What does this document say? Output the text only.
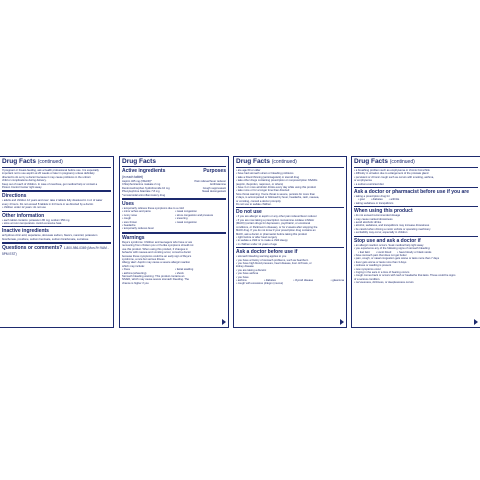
Drug Facts (continued)
If pregnant or breast-feeding, ask a health professional before use. It is especially
important not to use aspirin at 20 weeks or later in pregnancy unless definitely
directed to do so by a doctor because it may cause problems in the unborn
child or complications during delivery.
Keep out of reach of children. In case of overdose, get medical help or contact a
Poison Control Center right away.
Directions
• adults and children 12 years and over: take 2 tablets fully dissolved in 4 oz of water
every 4 hours. Do not exceed 8 tablets in 24 hours or as directed by a doctor.
• children under 12 years: do not use
Other information
• each tablet contains: potassium 80 mg; sodium 356 mg
• store at room temperature. Avoid excessive heat.
Inactive ingredients
anhydrous citric acid, aspartame, docusate sodium, flavors, mannitol, potassium
bicarbonate, povidone, sodium benzoate, sodium bicarbonate, sucralose
Questions or comments? 1-800-986-0369 (Mon-Fri 9AM - 5PM EST)
Drug Facts
Purposes
Active ingredients
(in each tablet)
Aspirin 325 mg (NSAID)*	Pain reliever/fever reducer
Chlorpheniramine maleate 2 mg	Antihistamine
Dextromethorphan hydrobromide 10 mg	Cough suppressant
Phenylephrine bitartrate 7.8 mg	Nasal decongestant
*nonsteroidal anti-inflammatory drug
Uses
• temporarily relieves these symptoms due to a cold:
• minor aches and pains
• runny nose
• cough
• sore throat
• headache
• nasal congestion
• sinus congestion and pressure
• sneezing
• nasal congestion
• temporarily reduces fever
Warnings
Reye's syndrome: Children and teenagers who have or are
recovering from chicken pox or flu-like symptoms should not
use this product. When using this product, if changes in
behavior with nausea and vomiting occur, consult a doctor
because these symptoms could be an early sign of Reye's
syndrome, a rare but serious illness.
Allergy alert: Aspirin may cause a severe allergic reaction
which may include:
• hives
• asthma (wheezing)
• facial swelling
• shock
Stomach bleeding warning: This product contains an
NSAID, which may cause severe stomach bleeding. The
chance is higher if you
Drug Facts (continued)
• are age 60 or older
• have had stomach ulcers or bleeding problems
• take a blood thinning (anticoagulant) or steroid drug
• take other drugs containing prescription or nonprescription NSAIDs
(aspirin, ibuprofen, naproxen, or others)
• have 3 or more alcoholic drinks every day while using this product
• take more or for a longer time than directed
Sore throat warning: If sore throat is severe, persists for more than
2 days, is accompanied or followed by fever, headache, rash, nausea,
or vomiting, consult a doctor promptly.
Do not use to sedate children.
Do not use
• if you are allergic to aspirin or any other pain reliever/fever reducer
• if you are now taking a prescription monoamine oxidase inhibitor
(MAOI) (certain drugs for depression, psychiatric, or emotional
conditions, or Parkinson's disease), or for 2 weeks after stopping the
MAOI drug. If you do not know if your prescription drug contains an
MAOI, ask a doctor or pharmacist before taking this product
• right before or after heart surgery
• to sedate a child or to make a child sleepy
• in children under 12 years of age
Ask a doctor before use if
• stomach bleeding warning applies to you
• you have a history of stomach problems, such as heartburn
• you have high blood pressure, heart disease, liver cirrhosis, or
kidney disease
• you are taking a diuretic
• you have asthma
• you have
• asthma	• diabetes	• thyroid disease	• glaucoma
• cough with excessive phlegm (mucus)
Drug Facts (continued)
• a breathing problem such as emphysema or chronic bronchitis
• difficulty in urination due to enlargement of the prostate gland
• persistent or chronic cough such as occurs with smoking, asthma,
or emphysema
• a sodium-restricted diet
Ask a doctor or pharmacist before use if you are
• taking a prescription drug for
• gout • diabetes • arthritis
• taking sedatives or tranquilizers
When using this product
• do not exceed recommended dosage
• may cause marked drowsiness
• avoid alcoholic drinks
• alcohol, sedatives, and tranquilizers may increase drowsiness
• be careful when driving a motor vehicle or operating machinery
• excitability may occur, especially in children
Stop use and ask a doctor if
• an allergic reaction occurs. Seek medical help right away.
• you experience any of the following signs of stomach bleeding:
• feel faint • vomit blood • have bloody or black stools
• have stomach pain that does not get better
• pain, cough, or nasal congestion gets worse or lasts more than 7 days
• fever gets worse or lasts more than 3 days
• redness or swelling is present
• new symptoms occur
• ringing in the ears or a loss of hearing occurs
• cough comes back or occurs with rash or headache that lasts. These could be signs
of a serious condition.
• nervousness, dizziness, or sleeplessness occurs
